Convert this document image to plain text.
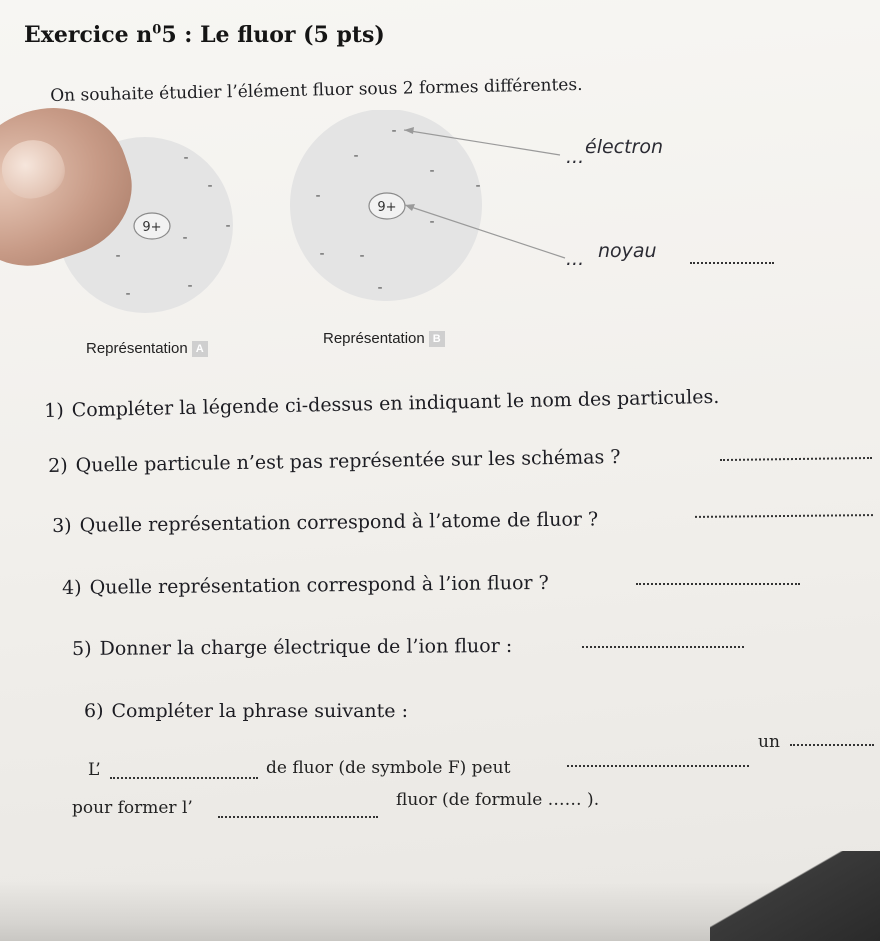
Exercice $n^05$ : Le fluor (5 pts)

On souhaite étudier l’élément fluor sous 2 formes différentes.

9+
-
-
-
-
-
-
-
9+
-
-
-
-
-
-
- -
-
... électron
... noyau
Représentation A
Représentation B

1) Compléter la légende ci-dessus en indiquant le nom des particules.

2) Quelle particule n’est pas représentée sur les schémas ?

3) Quelle représentation correspond à l’atome de fluor ?

4) Quelle représentation correspond à l’ion fluor ?

5) Donner la charge électrique de l’ion fluor :

6) Compléter la phrase suivante :

L’	de fluor (de symbole F) peut
un
pour former l’	fluor (de formule …… ).
